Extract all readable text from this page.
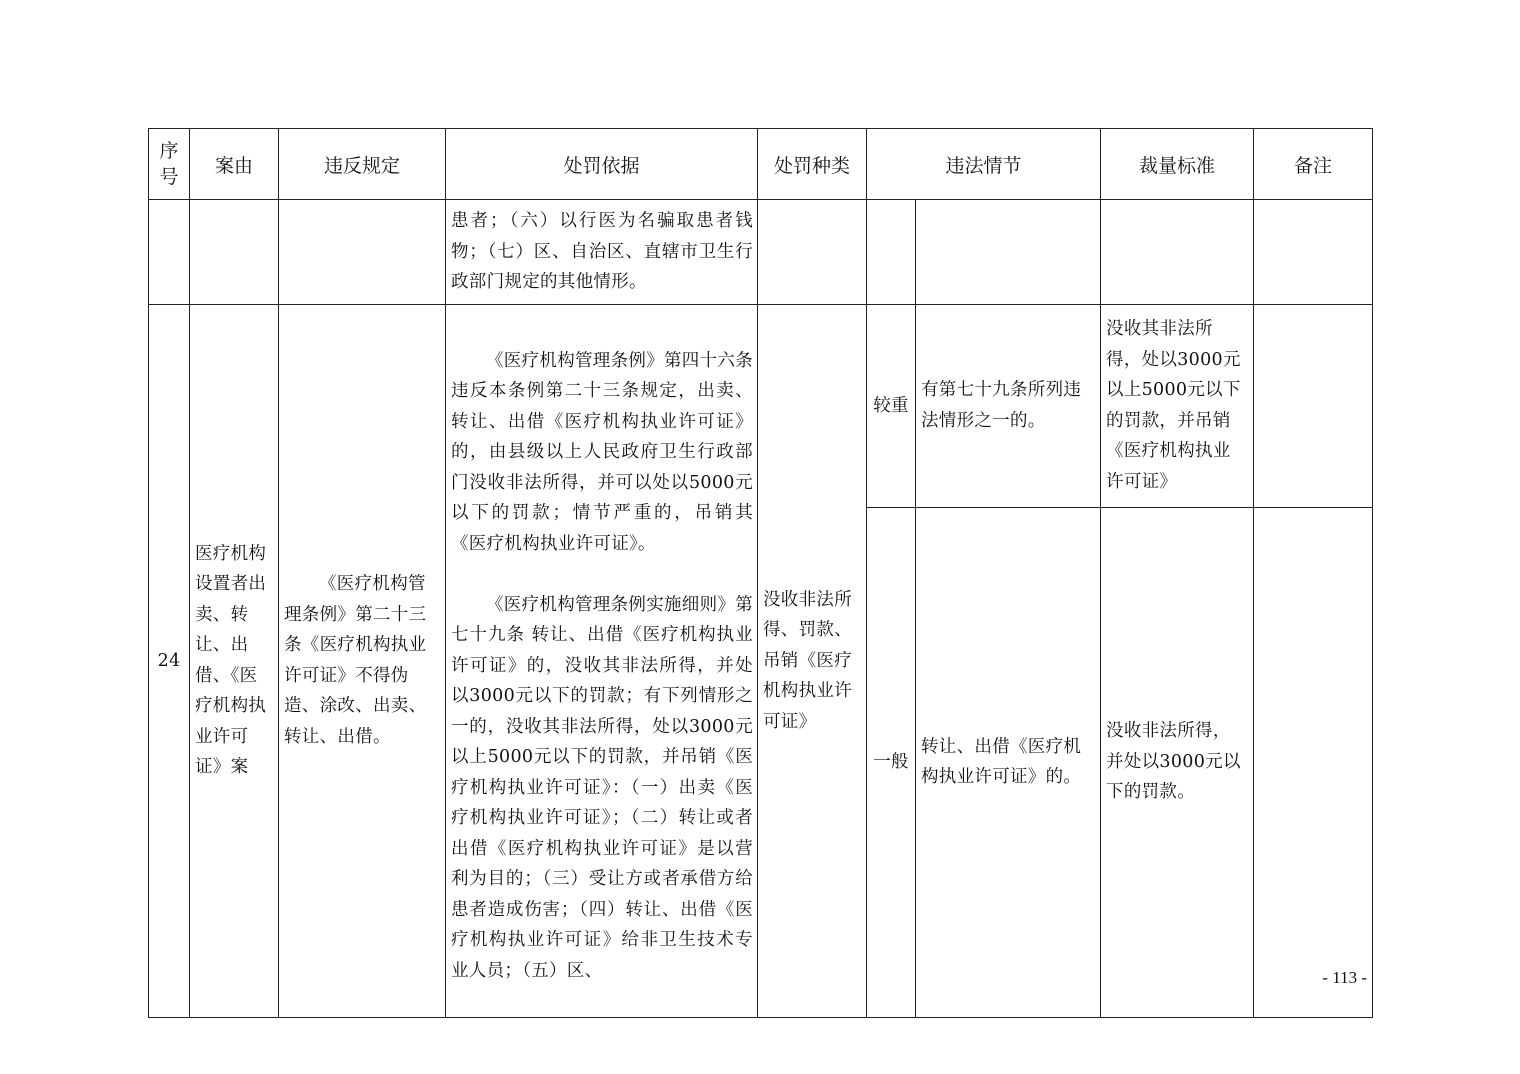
序
号	案由	违反规定	处罚依据	处罚种类	违法情节		裁量标准	备注

			患者；（六）以行医为名骗取患者钱物；（七）区、自治区、直辖市卫生行政部门规定的其他情形。					

24	医疗机构设置者出卖、转让、出借、《医疗机构执业许可证》案	《医疗机构管理条例》第二十三条《医疗机构执业许可证》不得伪造、涂改、出卖、转让、出借。	《医疗机构管理条例》第四十六条 违反本条例第二十三条规定，出卖、转让、出借《医疗机构执业许可证》的，由县级以上人民政府卫生行政部门没收非法所得，并可以处以5000元以下的罚款；情节严重的，吊销其《医疗机构执业许可证》。

《医疗机构管理条例实施细则》第七十九条 转让、出借《医疗机构执业许可证》的，没收其非法所得，并处以3000元以下的罚款；有下列情形之一的，没收其非法所得，处以3000元以上5000元以下的罚款，并吊销《医疗机构执业许可证》：（一）出卖《医疗机构执业许可证》；（二）转让或者出借《医疗机构执业许可证》是以营利为目的；（三）受让方或者承借方给患者造成伤害；（四）转让、出借《医疗机构执业许可证》给非卫生技术专业人员；（五）区、	没收非法所得、罚款、吊销《医疗机构执业许可证》	较重	有第七十九条所列违法情形之一的。	没收其非法所得，处以3000元以上5000元以下的罚款，并吊销《医疗机构执业许可证》	

					一般	转让、出借《医疗机构执业许可证》的。	没收非法所得，并处以3000元以下的罚款。	

- 113 -
